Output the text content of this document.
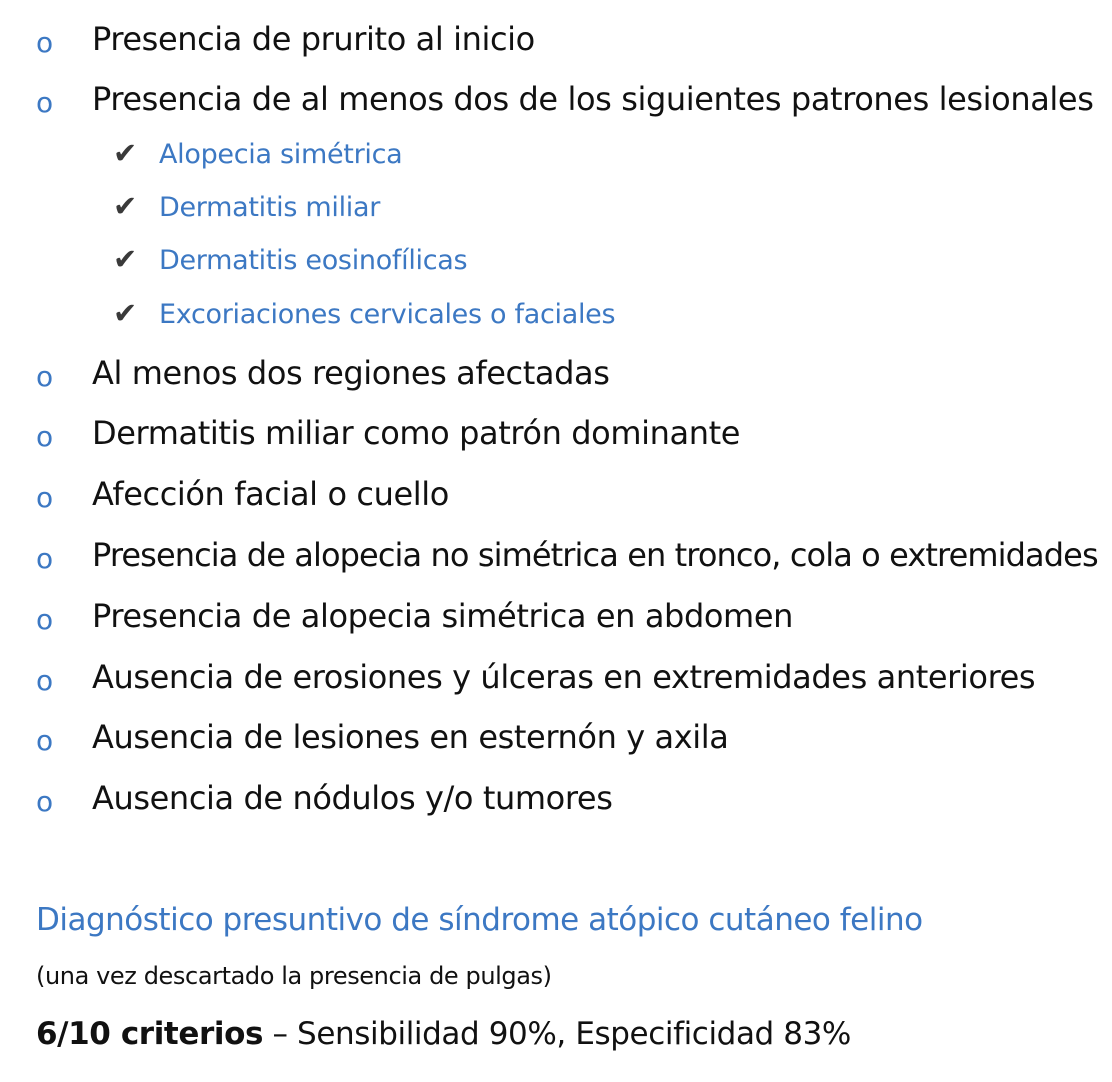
o Presencia de prurito al inicio
o Presencia de al menos dos de los siguientes patrones lesionales
✔ Alopecia simétrica
✔ Dermatitis miliar
✔ Dermatitis eosinofílicas
✔ Excoriaciones cervicales o faciales
o Al menos dos regiones afectadas
o Dermatitis miliar como patrón dominante
o Afección facial o cuello
o Presencia de alopecia no simétrica en tronco, cola o extremidades
o Presencia de alopecia simétrica en abdomen
o Ausencia de erosiones y úlceras en extremidades anteriores
o Ausencia de lesiones en esternón y axila
o Ausencia de nódulos y/o tumores
Diagnóstico presuntivo de síndrome atópico cutáneo felino
(una vez descartado la presencia de pulgas)
6/10 criterios – Sensibilidad 90%, Especificidad 83%
